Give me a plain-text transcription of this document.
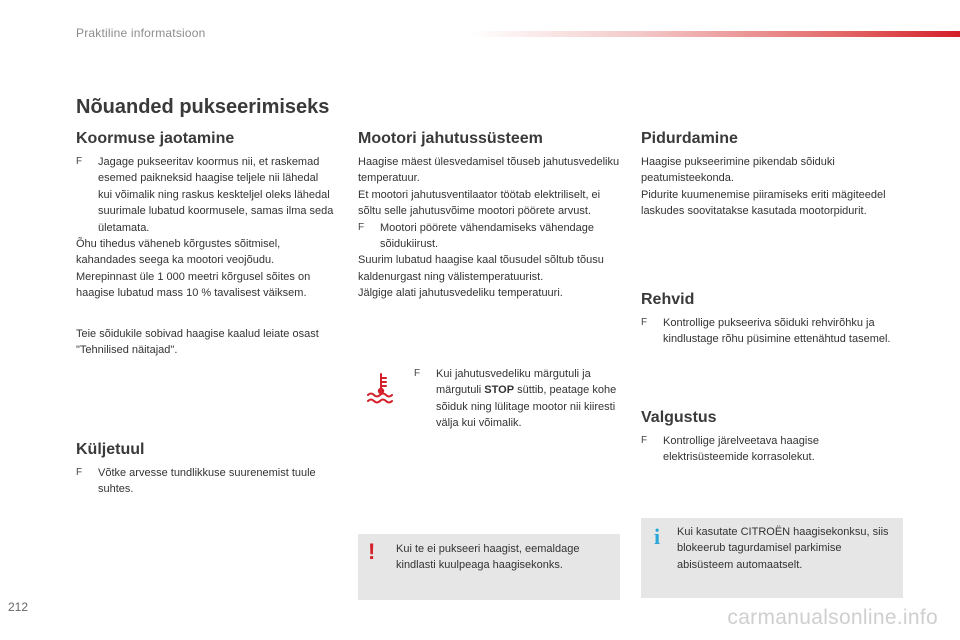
Praktiline informatsioon
Nõuanded pukseerimiseks
Koormuse jaotamine
F Jagage pukseeritav koormus nii, et raskemad esemed paikneksid haagise teljele nii lähedal kui võimalik ning raskus keskteljel oleks lähedal suurimale lubatud koormusele, samas ilma seda ületamata.

Õhu tihedus väheneb kõrgustes sõitmisel, kahandades seega ka mootori veojõudu. Merepinnast üle 1 000 meetri kõrgusel sõites on haagise lubatud mass 10 % tavalisest väiksem.

Teie sõidukile sobivad haagise kaalud leiate osast "Tehnilised näitajad".
Küljetuul
F Võtke arvesse tundlikkuse suurenemist tuule suhtes.
Mootori jahutussüsteem

Haagise mäest ülesvedamisel tõuseb jahutusvedeliku temperatuur.

Et mootori jahutusventilaator töötab elektriliselt, ei sõltu selle jahutusvõime mootori pöörete arvust.

F Mootori pöörete vähendamiseks vähendage sõidukiirust.

Suurim lubatud haagise kaal tõusudel sõltub tõusu kaldenurgast ning välistemperatuurist.

Jälgige alati jahutusvedeliku temperatuuri.

F Kui jahutusvedeliku märgutuli ja märgutuli STOP süttib, peatage kohe sõiduk ning lülitage mootor nii kiiresti välja kui võimalik.
! Kui te ei pukseeri haagist, eemaldage kindlasti kuulpeaga haagisekonks.
Pidurdamine

Haagise pukseerimine pikendab sõiduki peatumisteekonda.

Pidurite kuumenemise piiramiseks eriti mägiteedel laskudes soovitatakse kasutada mootorpidurit.

Rehvid
F Kontrollige pukseeriva sõiduki rehvirõhku ja kindlustage rõhu püsimine ettenähtud tasemel.
Valgustus
F Kontrollige järelveetava haagise elektrisüsteemide korrasolekut.
i Kui kasutate CITROËN haagisekonksu, siis blokeerub tagurdamisel parkimise abisüsteem automaatselt.
212	carmanualsonline.info
